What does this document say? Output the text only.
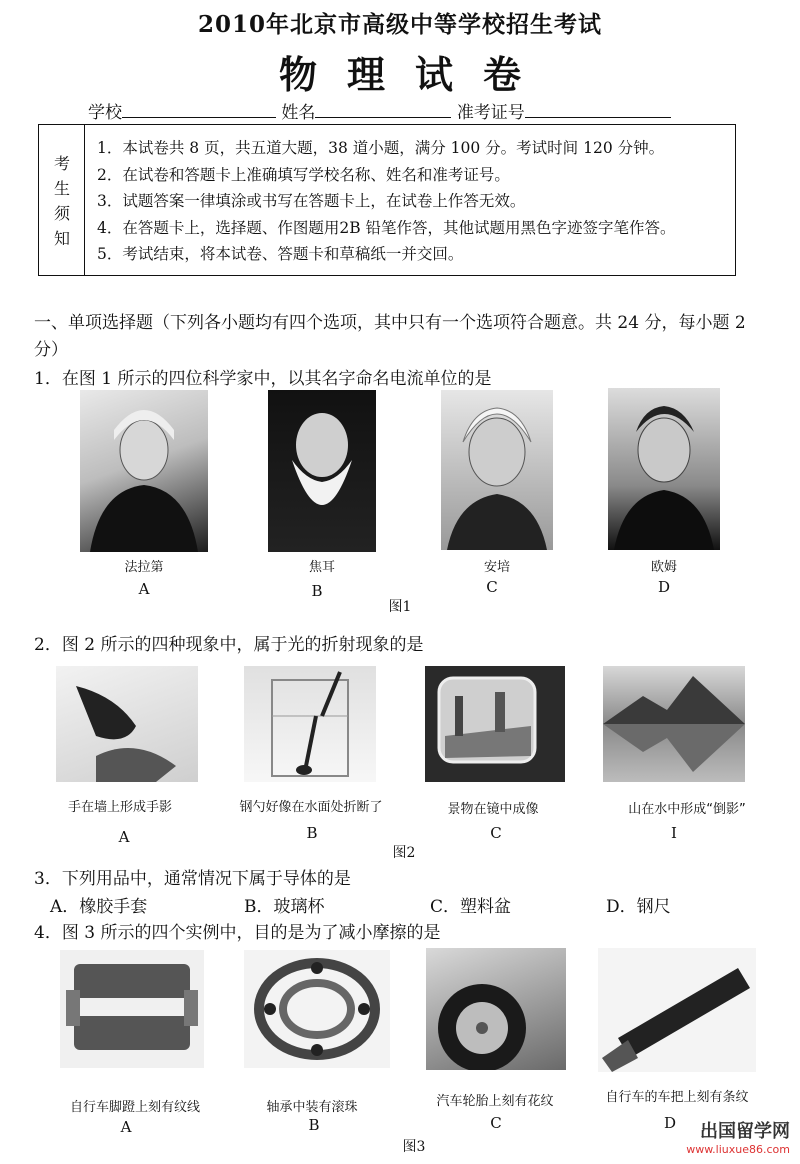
2010年北京市高级中等学校招生考试
物理试卷
学校	姓名	准考证号
考
生
须
知
1．本试卷共 8 页，共五道大题，38 道小题，满分 100 分。考试时间 120 分钟。
2．在试卷和答题卡上准确填写学校名称、姓名和准考证号。
3．试题答案一律填涂或书写在答题卡上，在试卷上作答无效。
4．在答题卡上，选择题、作图题用2B 铅笔作答，其他试题用黑色字迹签字笔作答。
5．考试结束，将本试卷、答题卡和草稿纸一并交回。
一、单项选择题（下列各小题均有四个选项，其中只有一个选项符合题意。共 24 分，每小题 2 分）
1．在图 1 所示的四位科学家中，以其名字命名电流单位的是
法拉第	焦耳	安培	欧姆
A	B	C	D
图1
2．图 2 所示的四种现象中，属于光的折射现象的是
手在墙上形成手影	钢勺好像在水面处折断了	景物在镜中成像	山在水中形成“倒影”
A	B	C	I
图2
3．下列用品中，通常情况下属于导体的是
A．橡胶手套	B．玻璃杯	C．塑料盆	D．钢尺
4．图 3 所示的四个实例中，目的是为了减小摩擦的是
自行车脚蹬上刻有纹线	轴承中装有滚珠	汽车轮胎上刻有花纹	自行车的车把上刻有条纹
A	B	C	D
图3
出国留学网
www.liuxue86.com
